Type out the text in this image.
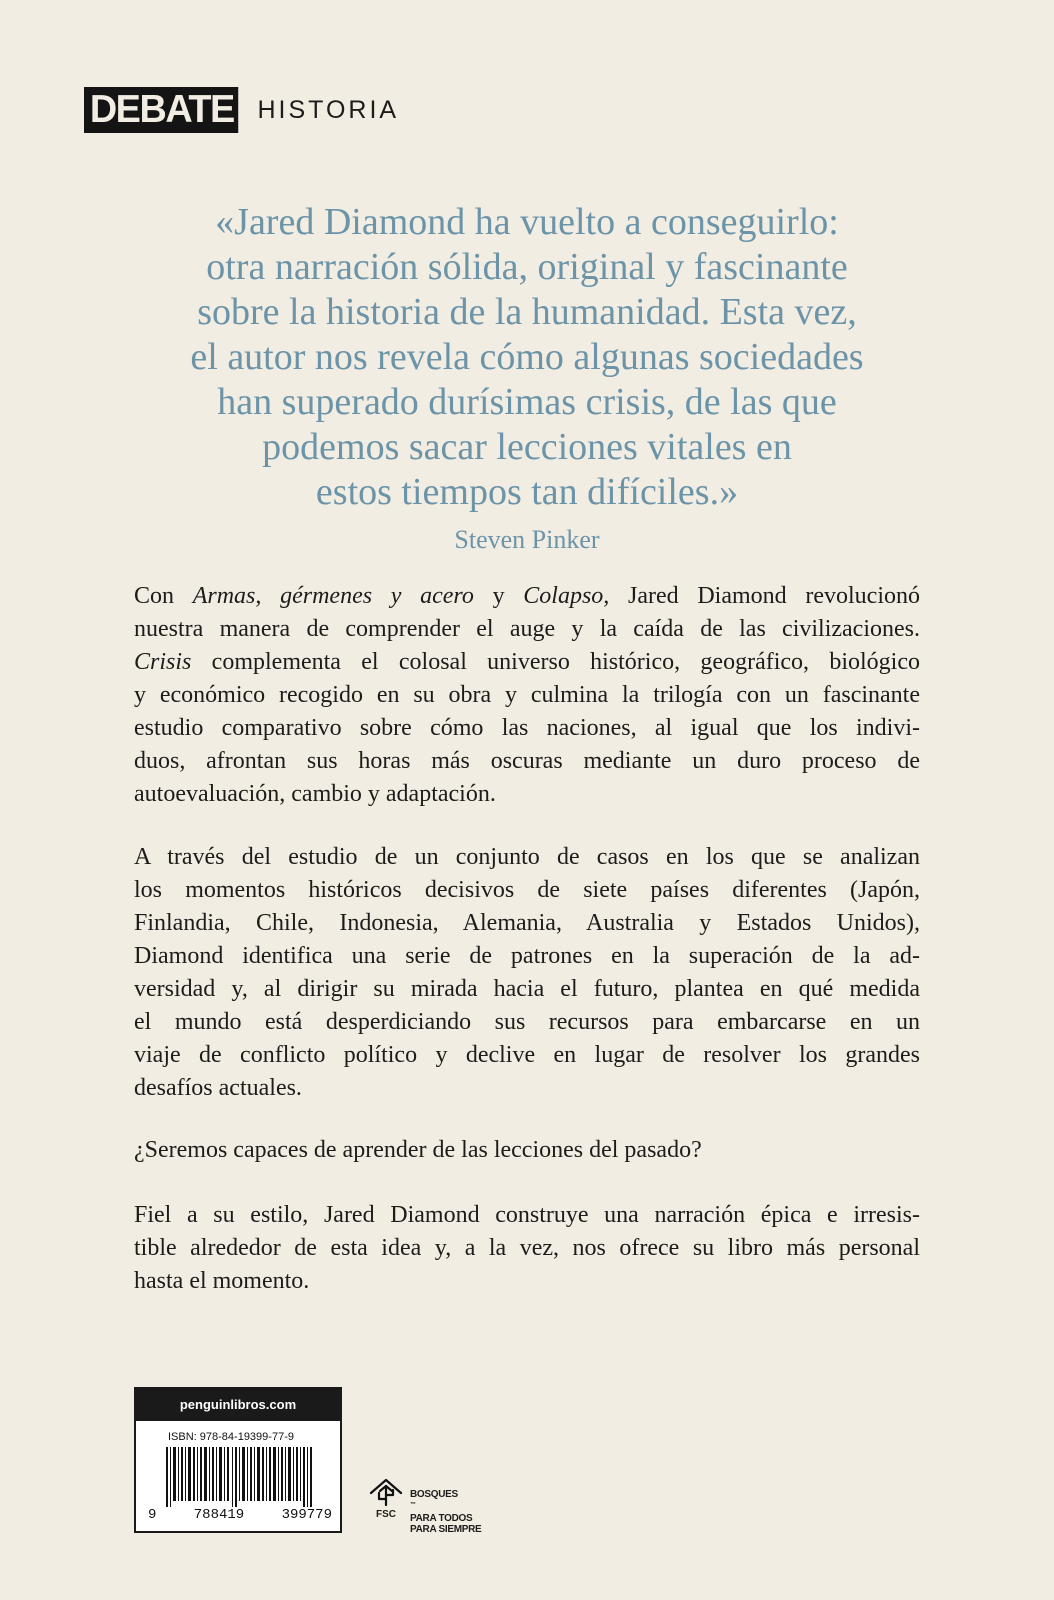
DEBATE HISTORIA
«Jared Diamond ha vuelto a conseguirlo:
otra narración sólida, original y fascinante
sobre la historia de la humanidad. Esta vez,
el autor nos revela cómo algunas sociedades
han superado durísimas crisis, de las que
podemos sacar lecciones vitales en
estos tiempos tan difíciles.»
Steven Pinker
Con Armas, gérmenes y acero y Colapso, Jared Diamond revolucionó
nuestra manera de comprender el auge y la caída de las civilizaciones.
Crisis complementa el colosal universo histórico, geográfico, biológico
y económico recogido en su obra y culmina la trilogía con un fascinante
estudio comparativo sobre cómo las naciones, al igual que los indivi-
duos, afrontan sus horas más oscuras mediante un duro proceso de
autoevaluación, cambio y adaptación.
A través del estudio de un conjunto de casos en los que se analizan
los momentos históricos decisivos de siete países diferentes (Japón,
Finlandia, Chile, Indonesia, Alemania, Australia y Estados Unidos),
Diamond identifica una serie de patrones en la superación de la ad-
versidad y, al dirigir su mirada hacia el futuro, plantea en qué medida
el mundo está desperdiciando sus recursos para embarcarse en un
viaje de conflicto político y declive en lugar de resolver los grandes
desafíos actuales.
¿Seremos capaces de aprender de las lecciones del pasado?
Fiel a su estilo, Jared Diamond construye una narración épica e irresis-
tible alrededor de esta idea y, a la vez, nos ofrece su libro más personal
hasta el momento.
penguinlibros.com
ISBN: 978-84-19399-77-9
9	788419	399779	FSC
BOSQUES
™
PARA TODOS
PARA SIEMPRE
